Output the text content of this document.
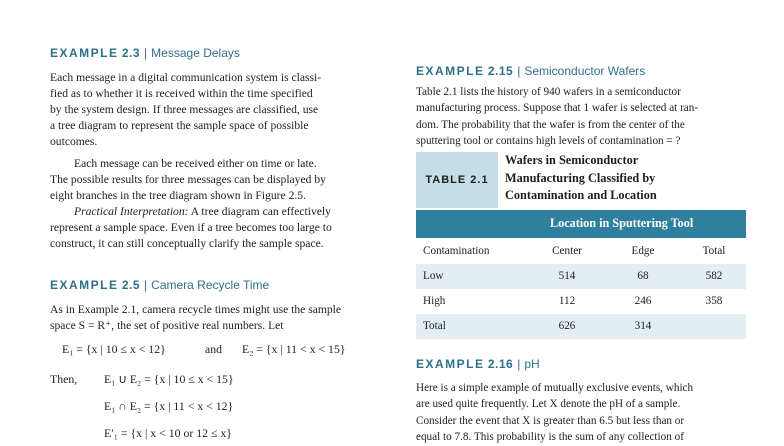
EXAMPLE 2.3 | Message Delays
Each message in a digital communication system is classi-
fied as to whether it is received within the time specified
by the system design. If three messages are classified, use
a tree diagram to represent the sample space of possible
outcomes.
Each message can be received either on time or late.
The possible results for three messages can be displayed by
eight branches in the tree diagram shown in Figure 2.5.
Practical Interpretation: A tree diagram can effectively
represent a sample space. Even if a tree becomes too large to
construct, it can still conceptually clarify the sample space.
EXAMPLE 2.5 | Camera Recycle Time
As in Example 2.1, camera recycle times might use the sample
space S = R⁺, the set of positive real numbers. Let
E₁ = {x | 10 ≤ x < 12}	and E₂ = {x | 11 < x < 15}
Then, E₁ ∪ E₂ = {x | 10 ≤ x < 15}
E₁ ∩ E₂ = {x | 11 < x < 12}
E′₁ = {x | x < 10 or 12 ≤ x}
EXAMPLE 2.15 | Semiconductor Wafers
Table 2.1 lists the history of 940 wafers in a semiconductor
manufacturing process. Suppose that 1 wafer is selected at ran-
dom. The probability that the wafer is from the center of the
sputtering tool or contains high levels of contamination = ?
TABLE 2.1
Wafers in Semiconductor
Manufacturing Classified by
Contamination and Location
Location in Sputtering Tool
Contamination	Center	Edge	Total
Low	514	68	582
High	112	246	358
Total	626	314
EXAMPLE 2.16 | pH
Here is a simple example of mutually exclusive events, which
are used quite frequently. Let X denote the pH of a sample.
Consider the event that X is greater than 6.5 but less than or
equal to 7.8. This probability is the sum of any collection of
